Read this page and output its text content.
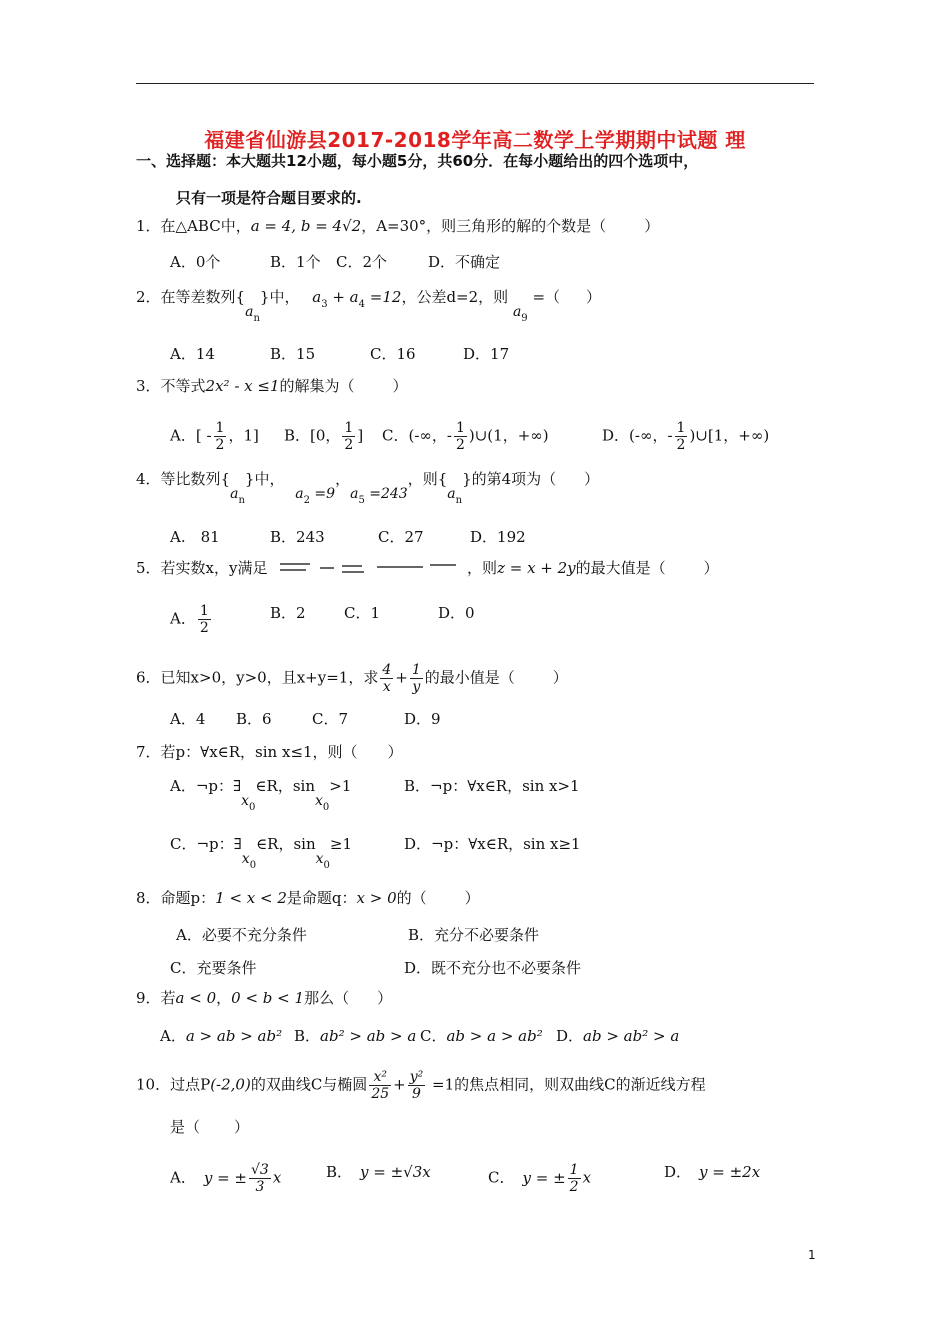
福建省仙游县2017-2018学年高二数学上学期期中试题 理
一、选择题：本大题共12小题，每小题5分，共60分．在每小题给出的四个选项中，
只有一项是符合题目要求的.
1．在△ABC中，a = 4, b = 4√2，A=30°，则三角形的解的个数是（	）
A．0个	B．1个 C．2个	D．不确定
2．在等差数列$\{a_n\}$中， $a_3 + a_4 =12$，公差d=2，则 $a_9$ =（ ）
A．14	B．15	C．16	D．17
3．不等式2x² - x ≤1的解集为（	）
A．[ - $\frac{1}{2}$ ，1] B．[0， $\frac{1}{2}$ ] C．(-∞，- $\frac{1}{2}$ )∪(1，+∞)	D．(-∞，- $\frac{1}{2}$ )∪[1，+∞)
4．等比数列$\{a_n\}$中， $a_2 =9$，$a_5 =243$，则$\{a_n\}$的第4项为（ ）
A.　81	B．243	C．27	D．192
5．若实数x，y满足	，则z = x + 2y的最大值是（	）
A． $\frac{1}{2}$	B．2	C．1	D．0
6．已知x>0，y>0，且x+y=1，求 $\frac{4}{x} + \frac{1}{y}$ 的最小值是（	）
A．4 B．6	C．7	D．9
7．若p：∀x∈R，sin x≤1，则（ ）
A．¬p：$\exists x_0\in R$，sinx$_0$>1	B．¬p：∀x∈R，sin x>1
C．¬p：$\exists x_0\in R$，sinx$_0$≥1	D．¬p：∀x∈R，sin x≥1
8．命题p：1 < x < 2是命题q：x > 0的（	）
A．必要不充分条件	B．充分不必要条件
C．充要条件	D．既不充分也不必要条件
9．若a < 0，0 < b < 1那么（ ）
A．a > ab > ab² B．ab² > ab > a C．ab > a > ab² D．ab > ab² > a
10．过点P(-2,0)的双曲线C与椭圆 $\frac{\text{x²}}{25} + \frac{\text{y²}}{9} =1$的焦点相同，则双曲线C的渐近线方程
是（ ）
A． y = ± $\frac{√3}{3}$ x	B． y = ±√3x	C． y = ± $\frac{1}{2}$ x	D． y = ±2x
1
